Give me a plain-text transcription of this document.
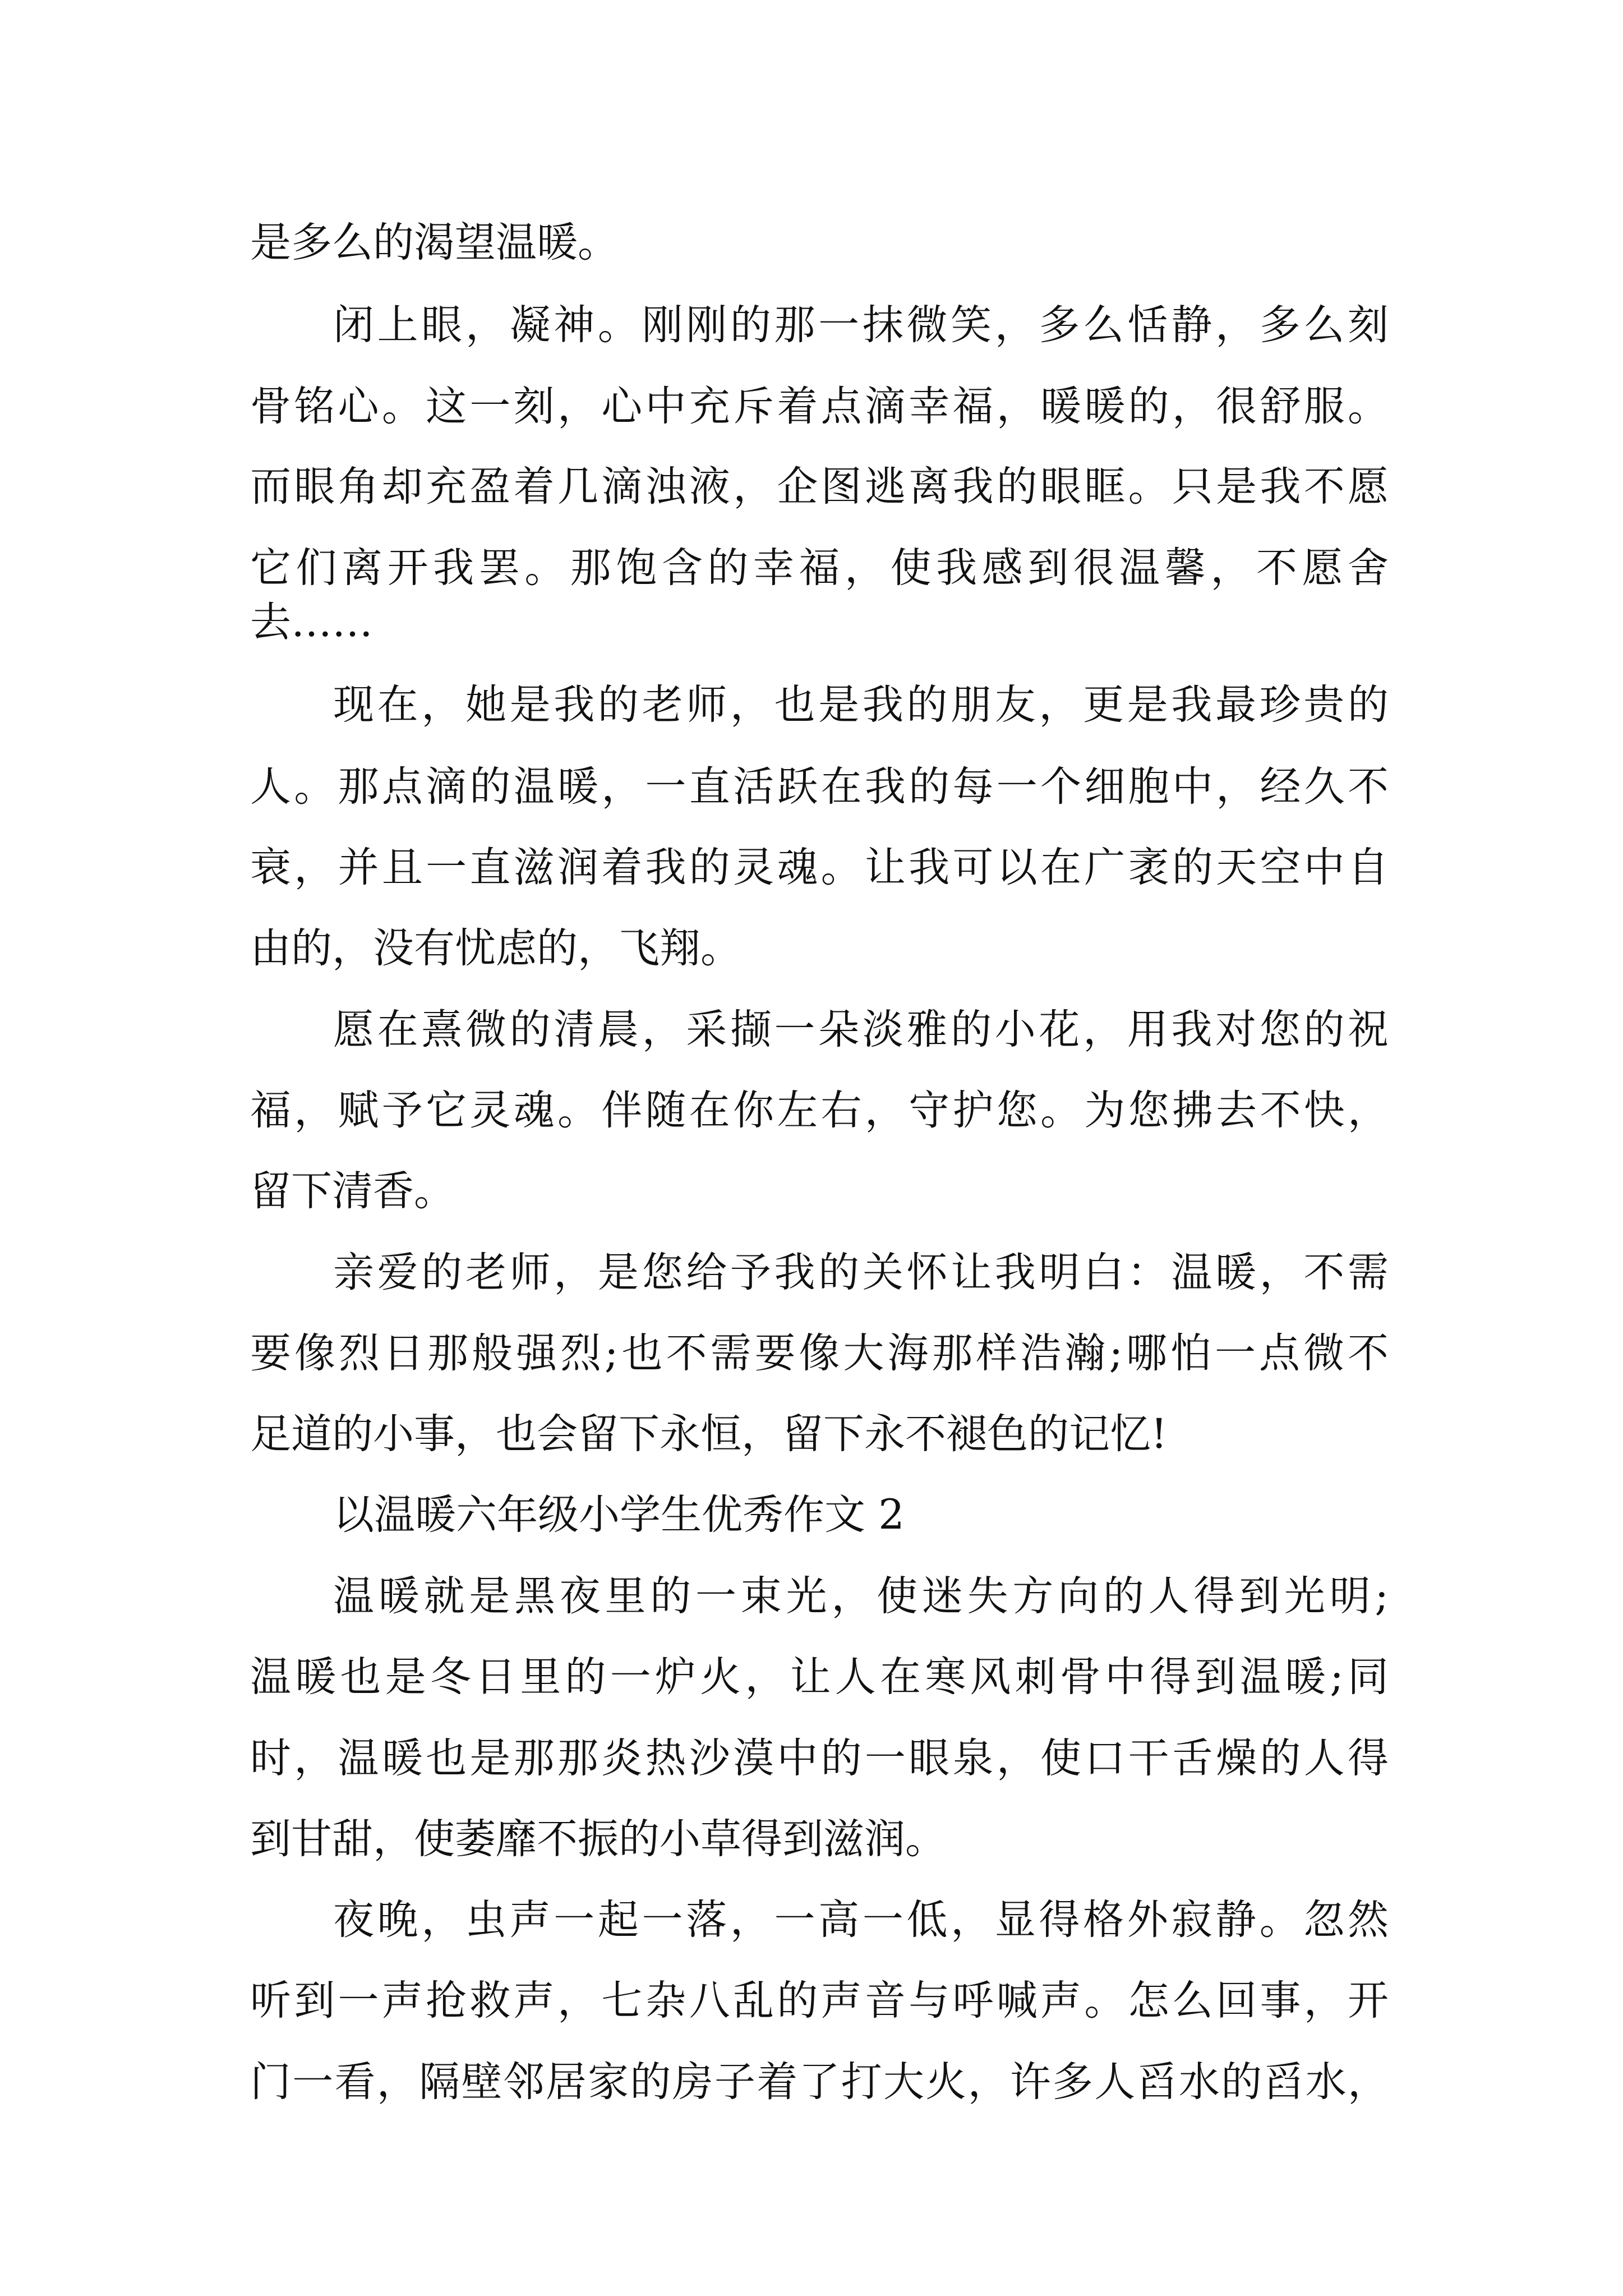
是多么的渴望温暖。
闭上眼，凝神。刚刚的那一抹微笑，多么恬静，多么刻
骨铭心。这一刻，心中充斥着点滴幸福，暖暖的，很舒服。
而眼角却充盈着几滴浊液，企图逃离我的眼眶。只是我不愿
它们离开我罢。那饱含的幸福，使我感到很温馨，不愿舍
去……
现在，她是我的老师，也是我的朋友，更是我最珍贵的
人。那点滴的温暖，一直活跃在我的每一个细胞中，经久不
衰，并且一直滋润着我的灵魂。让我可以在广袤的天空中自
由的，没有忧虑的，飞翔。
愿在熹微的清晨，采撷一朵淡雅的小花，用我对您的祝
福，赋予它灵魂。伴随在你左右，守护您。为您拂去不快，
留下清香。
亲爱的老师，是您给予我的关怀让我明白：温暖，不需
要像烈日那般强烈;也不需要像大海那样浩瀚;哪怕一点微不
足道的小事，也会留下永恒，留下永不褪色的记忆!
以温暖六年级小学生优秀作文 2
温暖就是黑夜里的一束光，使迷失方向的人得到光明;
温暖也是冬日里的一炉火，让人在寒风刺骨中得到温暖;同
时，温暖也是那那炎热沙漠中的一眼泉，使口干舌燥的人得
到甘甜，使萎靡不振的小草得到滋润。
夜晚，虫声一起一落，一高一低，显得格外寂静。忽然
听到一声抢救声，七杂八乱的声音与呼喊声。怎么回事，开
门一看，隔壁邻居家的房子着了打大火，许多人舀水的舀水，
